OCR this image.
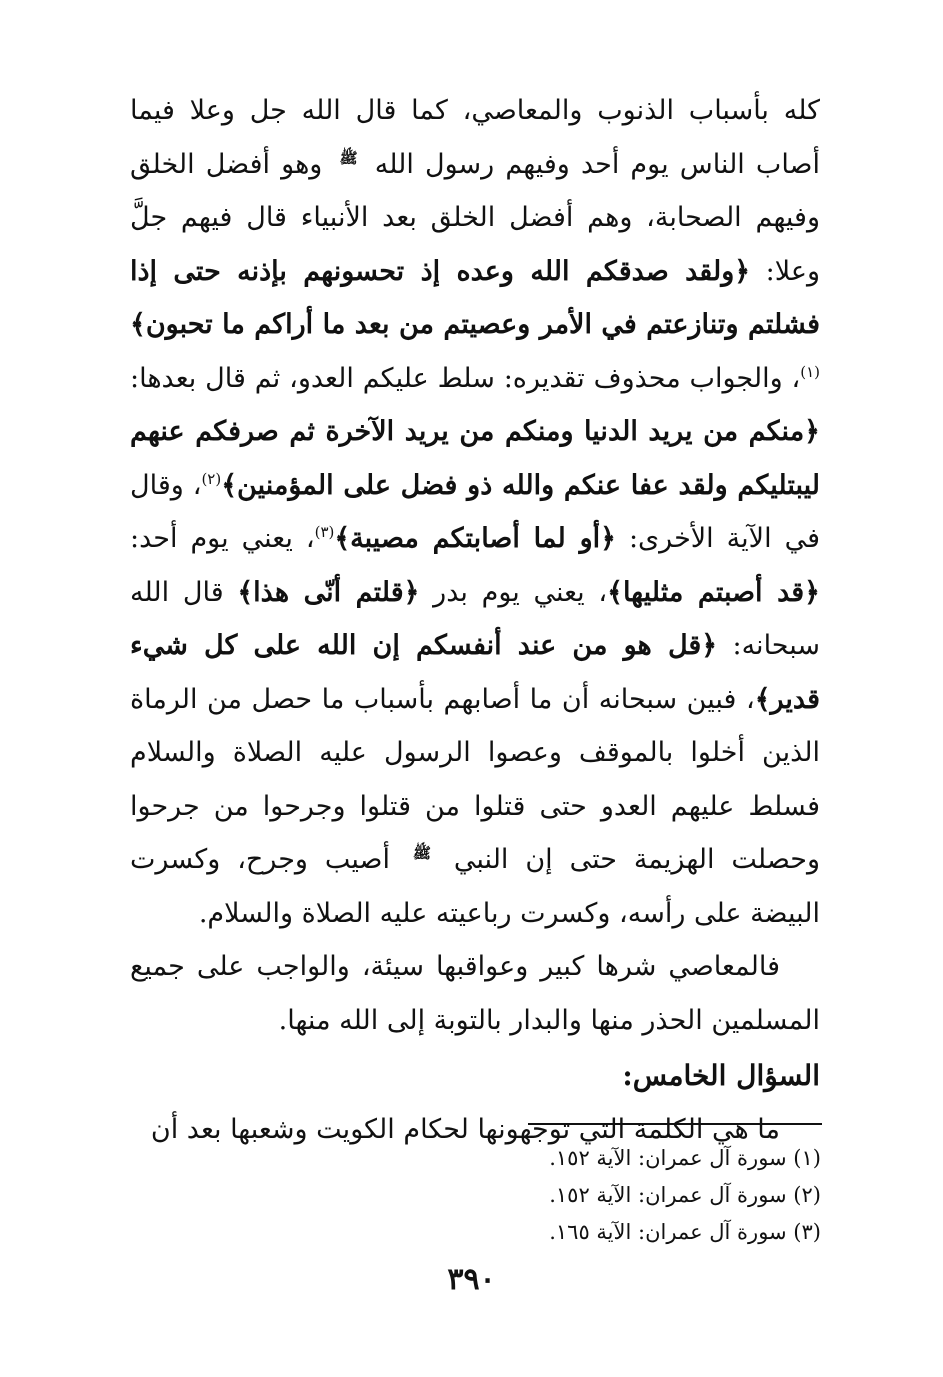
كله بأسباب الذنوب والمعاصي، كما قال الله جل وعلا فيما أصاب الناس يوم أحد وفيهم رسول الله ﷺ وهو أفضل الخلق وفيهم الصحابة، وهم أفضل الخلق بعد الأنبياء قال فيهم جلَّ وعلا: ﴿ولقد صدقكم الله وعده إذ تحسونهم بإذنه حتى إذا فشلتم وتنازعتم في الأمر وعصيتم من بعد ما أراكم ما تحبون﴾$^{(١)}$، والجواب محذوف تقديره: سلط عليكم العدو، ثم قال بعدها: ﴿منكم من يريد الدنيا ومنكم من يريد الآخرة ثم صرفكم عنهم ليبتليكم ولقد عفا عنكم والله ذو فضل على المؤمنين﴾$^{(٢)}$، وقال في الآية الأخرى: ﴿أو لما أصابتكم مصيبة﴾$^{(٣)}$، يعني يوم أحد: ﴿قد أصبتم مثليها﴾، يعني يوم بدر ﴿قلتم أنّى هذا﴾ قال الله سبحانه: ﴿قل هو من عند أنفسكم إن الله على كل شيء قدير﴾، فبين سبحانه أن ما أصابهم بأسباب ما حصل من الرماة الذين أخلوا بالموقف وعصوا الرسول عليه الصلاة والسلام فسلط عليهم العدو حتى قتلوا من قتلوا وجرحوا من جرحوا وحصلت الهزيمة حتى إن النبي ﷺ أصيب وجرح، وكسرت البيضة على رأسه، وكسرت رباعيته عليه الصلاة والسلام.

فالمعاصي شرها كبير وعواقبها سيئة، والواجب على جميع المسلمين الحذر منها والبدار بالتوبة إلى الله منها.

السؤال الخامس:

ما هي الكلمة التي توجهونها لحكام الكويت وشعبها بعد أن

(١) سورة آل عمران: الآية ١٥٢.

(٢) سورة آل عمران: الآية ١٥٢.

(٣) سورة آل عمران: الآية ١٦٥.

٣٩٠
